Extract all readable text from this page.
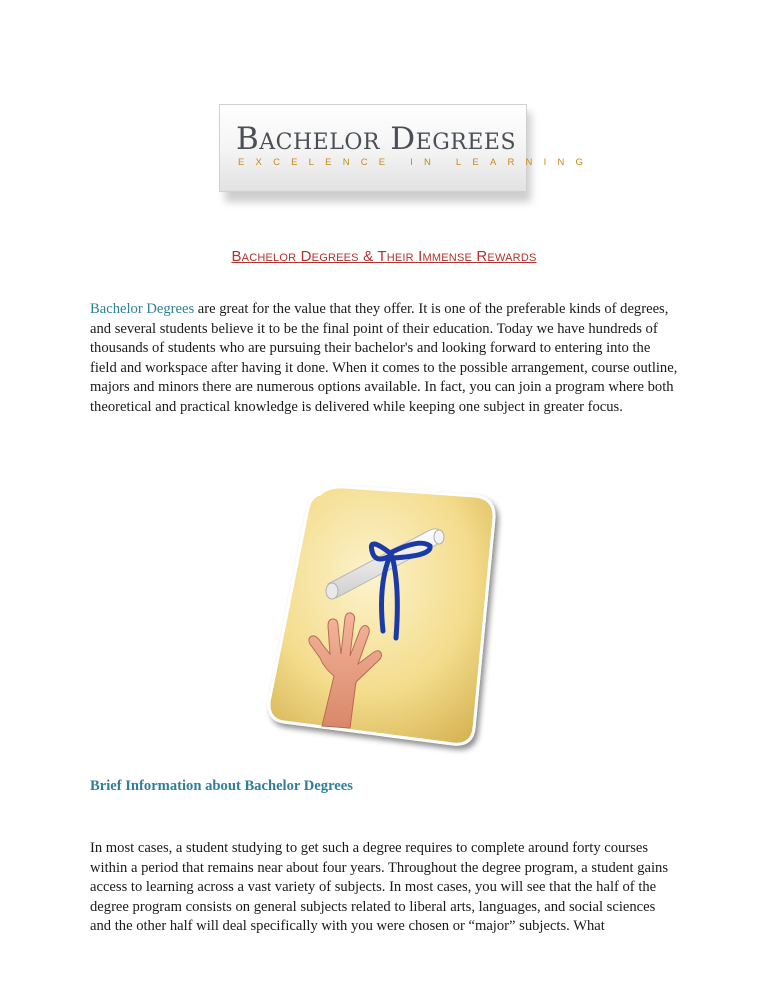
Bachelor Degrees
EXCELENCE IN LEARNING
Bachelor Degrees & Their Immense Rewards

Bachelor Degrees are great for the value that they offer. It is one of the preferable kinds of degrees, and several students believe it to be the final point of their education. Today we have hundreds of thousands of students who are pursuing their bachelor's and looking forward to entering into the field and workspace after having it done. When it comes to the possible arrangement, course outline, majors and minors there are numerous options available. In fact, you can join a program where both theoretical and practical knowledge is delivered while keeping one subject in greater focus.

Brief Information about Bachelor Degrees

In most cases, a student studying to get such a degree requires to complete around forty courses within a period that remains near about four years. Throughout the degree program, a student gains access to learning across a vast variety of subjects. In most cases, you will see that the half of the degree program consists on general subjects related to liberal arts, languages, and social sciences and the other half will deal specifically with you were chosen or “major” subjects. What
